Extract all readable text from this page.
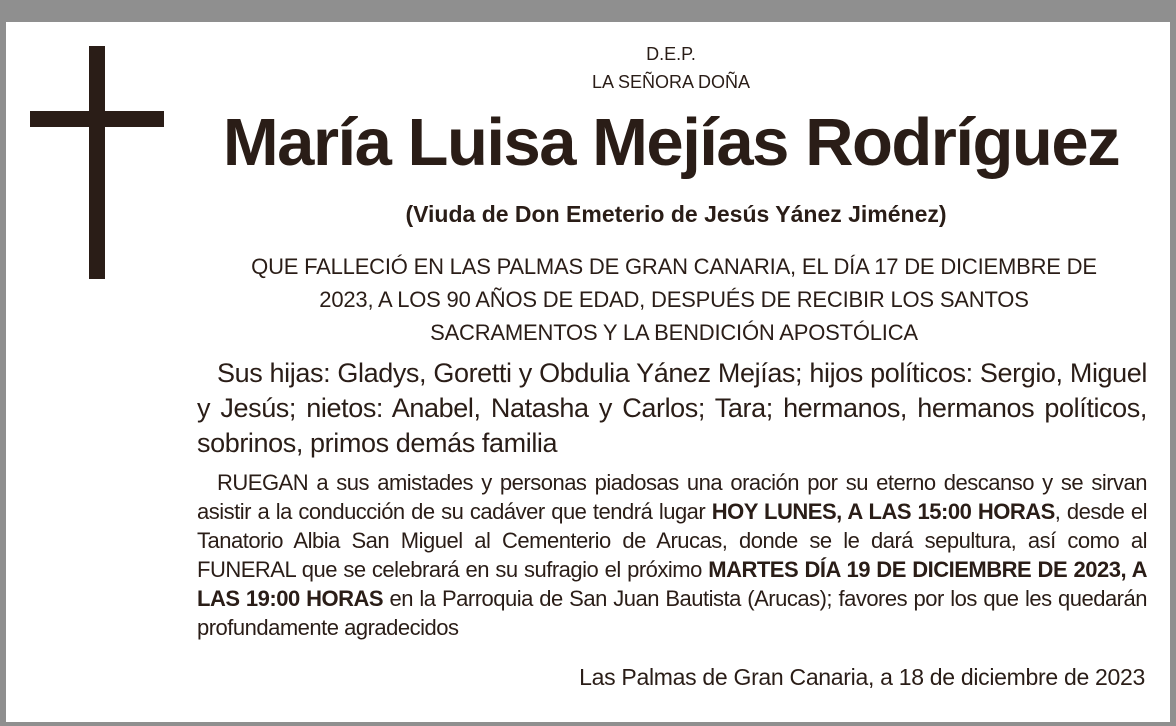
D.E.P.
LA SEÑORA DOÑA
María Luisa Mejías Rodríguez
(Viuda de Don Emeterio de Jesús Yánez Jiménez)
QUE FALLECIÓ EN LAS PALMAS DE GRAN CANARIA, EL DÍA 17 DE DICIEMBRE DE
2023, A LOS 90 AÑOS DE EDAD, DESPUÉS DE RECIBIR LOS SANTOS
SACRAMENTOS Y LA BENDICIÓN APOSTÓLICA
Sus hijas: Gladys, Goretti y Obdulia Yánez Mejías; hijos políticos: Sergio, Miguel y Jesús; nietos: Anabel, Natasha y Carlos; Tara; hermanos, hermanos políticos, sobrinos, primos demás familia
RUEGAN a sus amistades y personas piadosas una oración por su eterno descanso y se sirvan asistir a la conducción de su cadáver que tendrá lugar HOY LUNES, A LAS 15:00 HORAS, desde el Tanatorio Albia San Miguel al Cementerio de Arucas, donde se le dará sepultura, así como al FUNERAL que se celebrará en su sufragio el próximo MARTES DÍA 19 DE DICIEMBRE DE 2023, A LAS 19:00 HORAS en la Parroquia de San Juan Bautista (Arucas); favores por los que les quedarán profundamente agradecidos
Las Palmas de Gran Canaria, a 18 de diciembre de 2023
